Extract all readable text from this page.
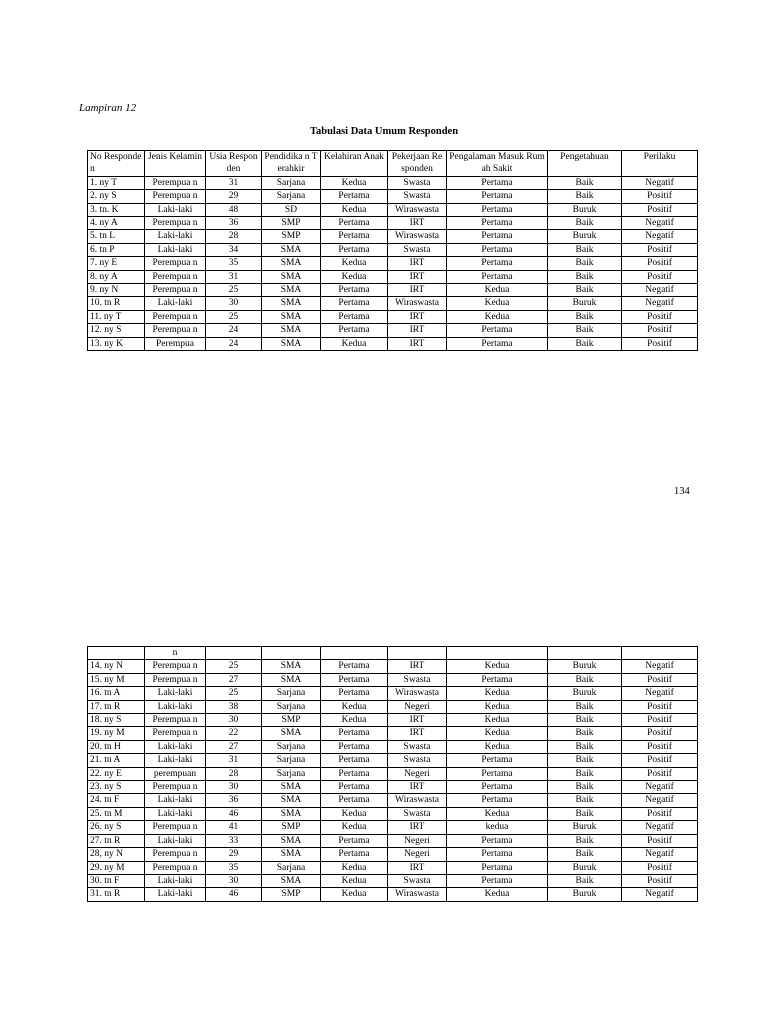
Lampiran 12
Tabulasi Data Umum Responden
No Responde n	Jenis Kelamin	Usia Responden	Pendidika n Terahkir	Kelahiran Anak	Pekerjaan Responden	Pengalaman Masuk Rumah Sakit	Pengetahuan	Perilaku
1. ny T	Perempua n	31	Sarjana	Kedua	Swasta	Pertama	Baik	Negatif
2. ny S	Perempua n	29	Sarjana	Pertama	Swasta	Pertama	Baik	Positif
3. tn. K	Laki-laki	48	SD	Kedua	Wiraswasta	Pertama	Buruk	Positif
4. ny A	Perempua n	36	SMP	Pertama	IRT	Pertama	Baik	Negatif
5. tn L	Laki-laki	28	SMP	Pertama	Wiraswasta	Pertama	Buruk	Negatif
6. tn P	Laki-laki	34	SMA	Pertama	Swasta	Pertama	Baik	Positif
7. ny E	Perempua n	35	SMA	Kedua	IRT	Pertama	Baik	Positif
8. ny A	Perempua n	31	SMA	Kedua	IRT	Pertama	Baik	Positif
9. ny N	Perempua n	25	SMA	Pertama	IRT	Kedua	Baik	Negatif
10. tn R	Laki-laki	30	SMA	Pertama	Wiraswasta	Kedua	Buruk	Negatif
11. ny T	Perempua n	25	SMA	Pertama	IRT	Kedua	Baik	Positif
12. ny S	Perempua n	24	SMA	Pertama	IRT	Pertama	Baik	Positif
13. ny K	Perempua	24	SMA	Kedua	IRT	Pertama	Baik	Positif
134
	n							
14. ny N	Perempua n	25	SMA	Pertama	IRT	Kedua	Buruk	Negatif
15. ny M	Perempua n	27	SMA	Pertama	Swasta	Pertama	Baik	Positif
16. tn A	Laki-laki	25	Sarjana	Pertama	Wiraswasta	Kedua	Buruk	Negatif
17. tn R	Laki-laki	38	Sarjana	Kedua	Negeri	Kedua	Baik	Positif
18. ny S	Perempua n	30	SMP	Kedua	IRT	Kedua	Baik	Positif
19. ny M	Perempua n	22	SMA	Pertama	IRT	Kedua	Baik	Positif
20. tn H	Laki-laki	27	Sarjana	Pertama	Swasta	Kedua	Baik	Positif
21. tn A	Laki-laki	31	Sarjana	Pertama	Swasta	Pertama	Baik	Positif
22. ny E	perempuan	28	Sarjana	Pertama	Negeri	Pertama	Baik	Positif
23. ny S	Perempua n	30	SMA	Pertama	IRT	Pertama	Baik	Negatif
24. tn F	Laki-laki	36	SMA	Pertama	Wiraswasta	Pertama	Baik	Negatif
25. tn M	Laki-laki	46	SMA	Kedua	Swasta	Kedua	Baik	Positif
26. ny S	Perempua n	41	SMP	Kedua	IRT	kedua	Buruk	Negatif
27. tn R	Laki-laki	33	SMA	Pertama	Negeri	Pertama	Baik	Positif
28, ny N	Perempua n	29	SMA	Pertama	Negeri	Pertama	Baik	Negatif
29. ny M	Perempua n	35	Sarjana	Kedua	IRT	Pertama	Buruk	Positif
30. tn F	Laki-laki	30	SMA	Kedua	Swasta	Pertama	Baik	Positif
31. tn R	Laki-laki	46	SMP	Kedua	Wiraswasta	Kedua	Buruk	Negatif
